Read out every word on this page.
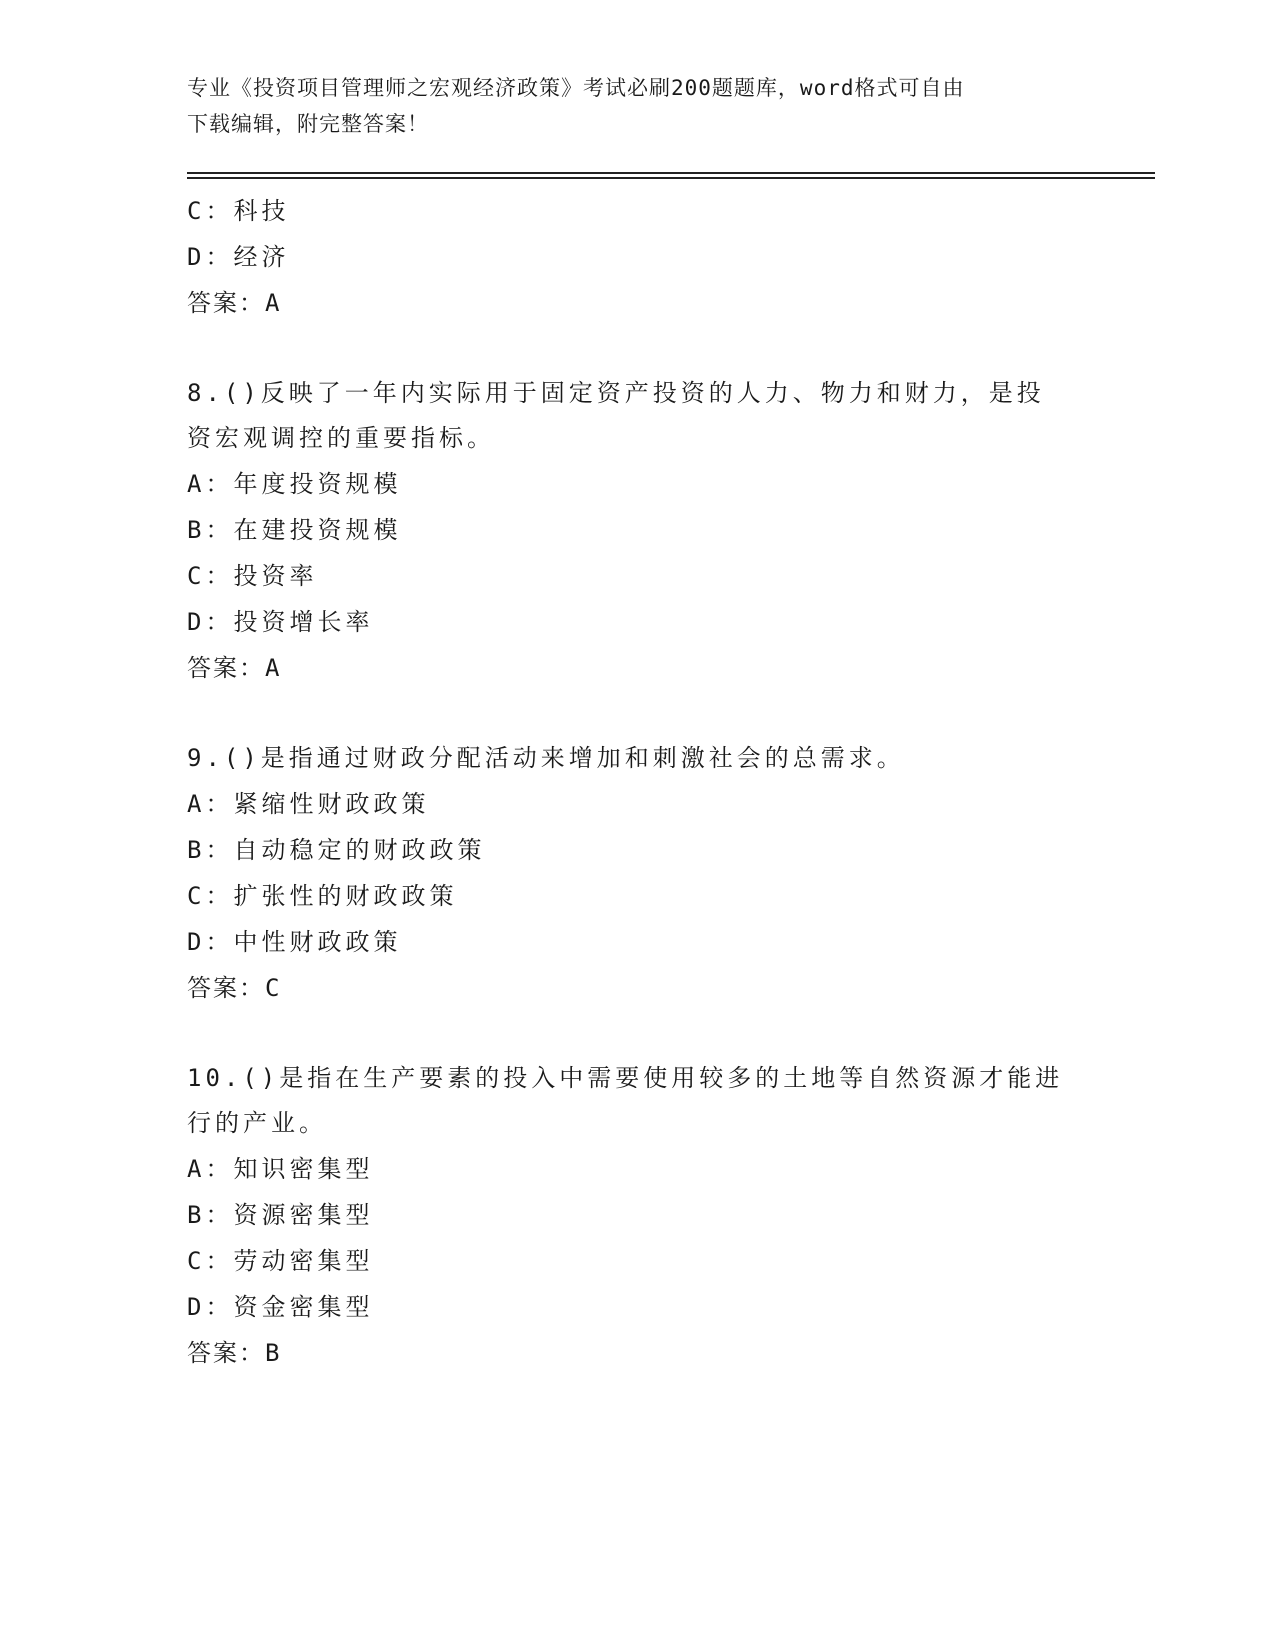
专业《投资项目管理师之宏观经济政策》考试必刷200题题库，word格式可自由
下载编辑，附完整答案！
C：科技
D：经济
答案：A
8.()反映了一年内实际用于固定资产投资的人力、物力和财力，是投
资宏观调控的重要指标。
A：年度投资规模
B：在建投资规模
C：投资率
D：投资增长率
答案：A
9.()是指通过财政分配活动来增加和刺激社会的总需求。
A：紧缩性财政政策
B：自动稳定的财政政策
C：扩张性的财政政策
D：中性财政政策
答案：C
10.()是指在生产要素的投入中需要使用较多的土地等自然资源才能进
行的产业。
A：知识密集型
B：资源密集型
C：劳动密集型
D：资金密集型
答案：B
